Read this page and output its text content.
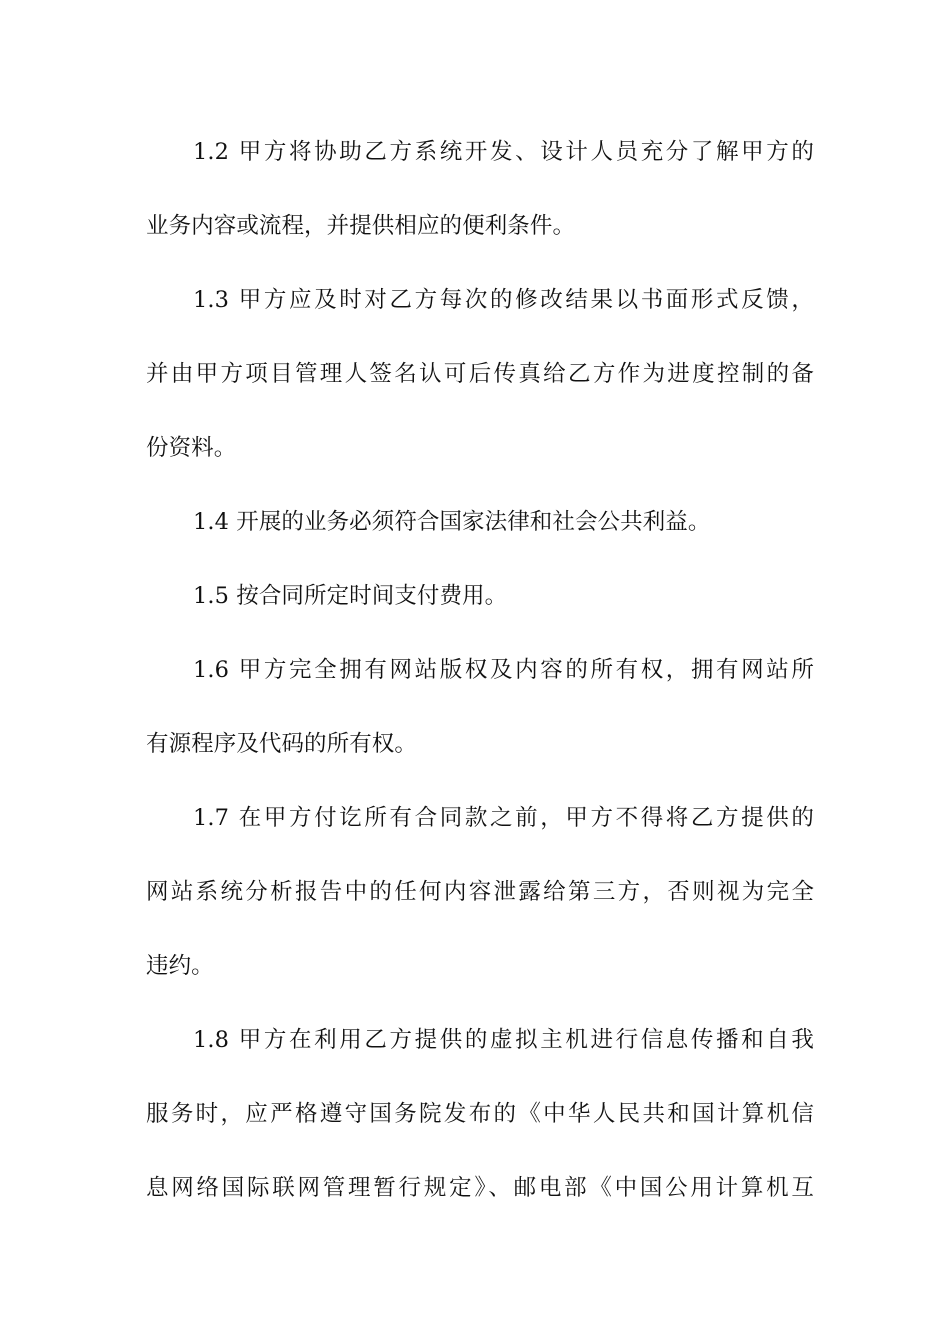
1.2 甲方将协助乙方系统开发、设计人员充分了解甲方的
业务内容或流程，并提供相应的便利条件。
1.3 甲方应及时对乙方每次的修改结果以书面形式反馈，
并由甲方项目管理人签名认可后传真给乙方作为进度控制的备
份资料。
1.4 开展的业务必须符合国家法律和社会公共利益。
1.5 按合同所定时间支付费用。
1.6 甲方完全拥有网站版权及内容的所有权，拥有网站所
有源程序及代码的所有权。
1.7 在甲方付讫所有合同款之前，甲方不得将乙方提供的
网站系统分析报告中的任何内容泄露给第三方，否则视为完全
违约。
1.8 甲方在利用乙方提供的虚拟主机进行信息传播和自我
服务时，应严格遵守国务院发布的《中华人民共和国计算机信
息网络国际联网管理暂行规定》、邮电部《中国公用计算机互
